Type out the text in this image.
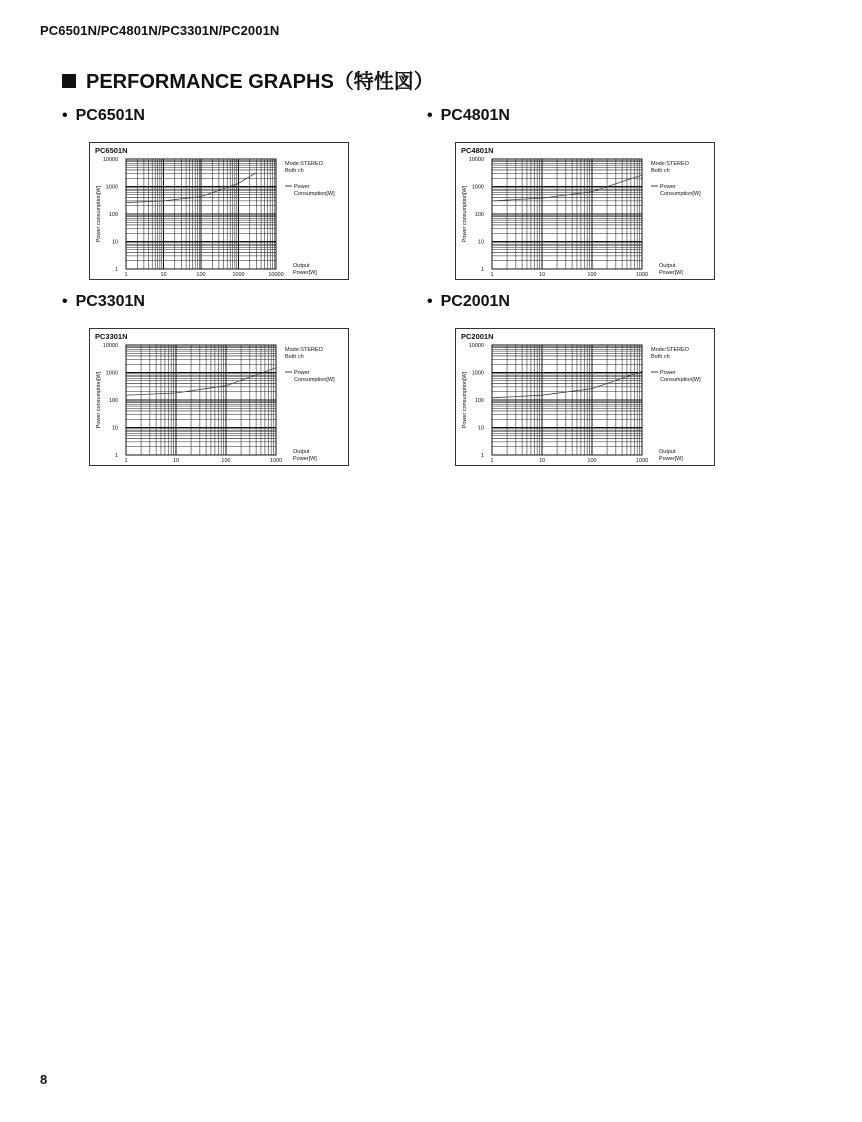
PC6501N/PC4801N/PC3301N/PC2001N
PERFORMANCE GRAPHS（特性図）
• PC6501N
PC6501N
10000
1000
100
10
1
1	10	100	1000	10000
Power consumption[W]
Output
Power[W]
Mode:STEREO
Both ch
Power
Consumption[W]
• PC4801N
PC4801N
10000
1000
100
10
1
1	10	100	1000
Power consumption[W]
Output
Power[W]
Mode:STEREO
Both ch
Power
Consumption[W]
• PC3301N
PC3301N
10000
1000
100
10
1
1	10	100	1000
Power consumption[W]
Output
Power[W]
Mode:STEREO
Both ch
Power
Consumption[W]
• PC2001N
PC2001N
10000
1000
100
10
1
1	10	100	1000
Power consumption[W]
Output
Power[W]
Mode:STEREO
Both ch
Power
Consumption[W]
8
